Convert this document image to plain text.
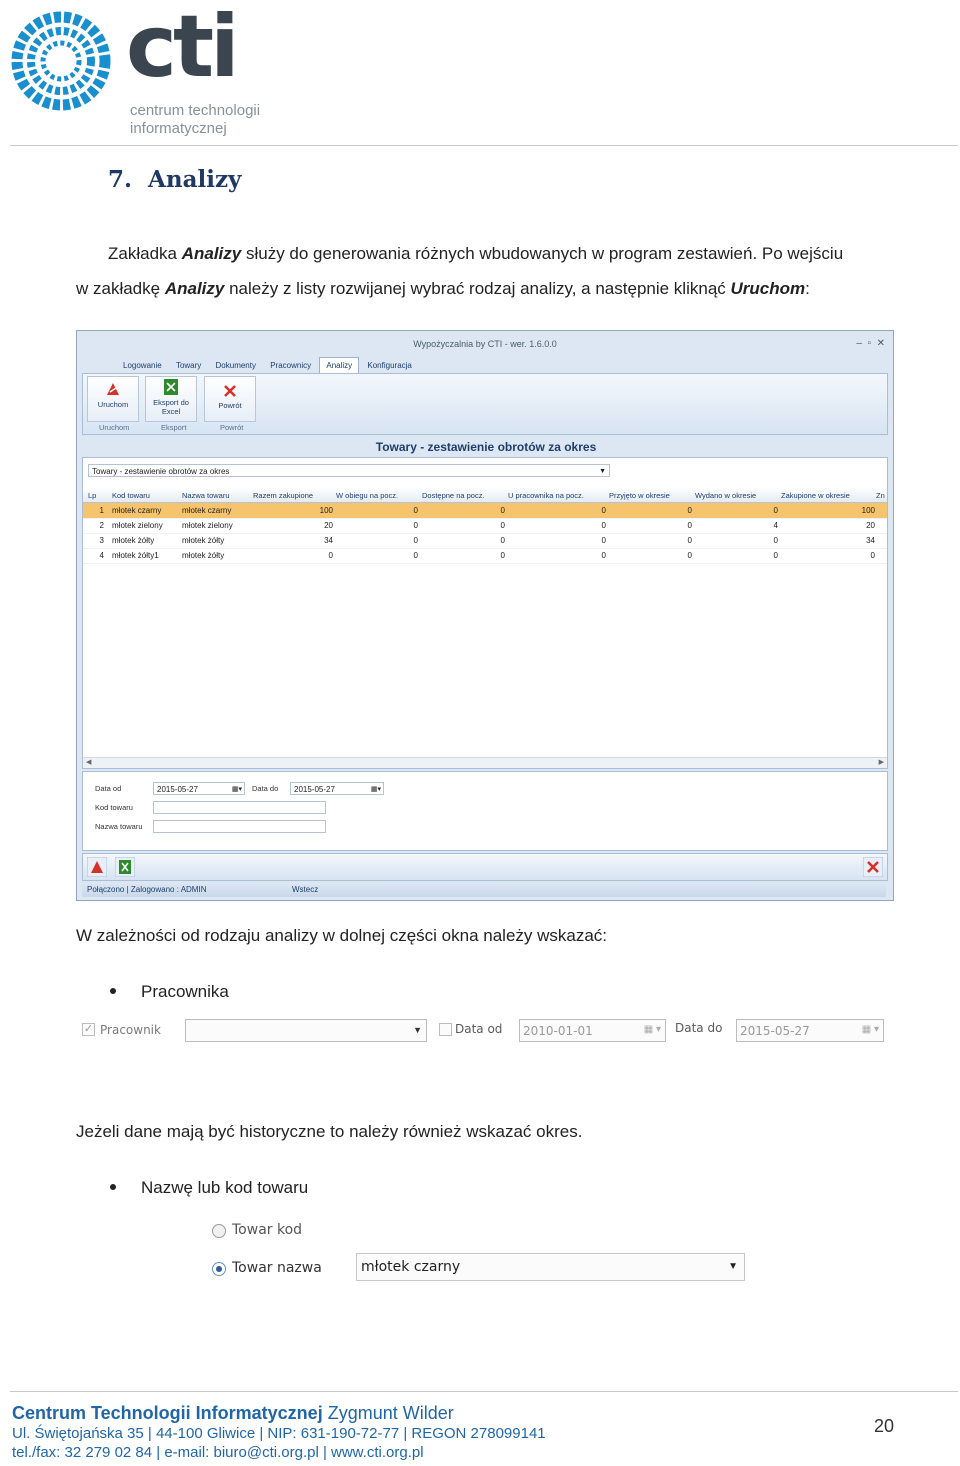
cti
centrum technologii
informatycznej
7. Analizy
Zakładka Analizy służy do generowania różnych wbudowanych w program zestawień. Po wejściu
w zakładkę Analizy należy z listy rozwijanej wybrać rodzaj analizy, a następnie kliknąć Uruchom:
Wypożyczalnia by CTI - wer. 1.6.0.0	–  ▫  ✕
Logowanie Towary Dokumenty Pracownicy Analizy Konfiguracja
Uruchom	Eksport do
Excel
Powrót
Uruchom	Eksport	Powrót
Towary - zestawienie obrotów za okres
Towary - zestawienie obrotów za okres	▼
Lp Kod towaru	Nazwa towaru	Razem zakupione	W obiegu na pocz.	Dostępne na pocz.	U pracownika na pocz.	Przyjęto w okresie	Wydano w okresie	Zakupione w okresie	Zn
1 młotek czarny	młotek czarny	100	0	0	0	0	0	100
2 młotek zielony	młotek zielony	20	0	0	0	0	4	20
3 młotek żółty	młotek żółty	34	0	0	0	0	0	34
4 młotek żółty1	młotek żółty	0	0	0	0	0	0	0
◀	▶
Data od	2015-05-27	▦▾ Data do	2015-05-27	▦▾
Kod towaru
Nazwa towaru
Połączono | Zalogowano : ADMIN	Wstecz
W zależności od rodzaju analizy w dolnej części okna należy wskazać:
Pracownika
✓ Pracownik	▼	Data od 2010-01-01	▦ ▾ Data do 2015-05-27	▦ ▾
Jeżeli dane mają być historyczne to należy również wskazać okres.
Nazwę lub kod towaru
Towar kod
Towar nazwa	młotek czarny	▼
Centrum Technologii Informatycznej Zygmunt Wilder
Ul. Świętojańska 35 | 44-100 Gliwice | NIP: 631-190-72-77 | REGON 278099141
tel./fax: 32 279 02 84 | e-mail: biuro@cti.org.pl | www.cti.org.pl
20
